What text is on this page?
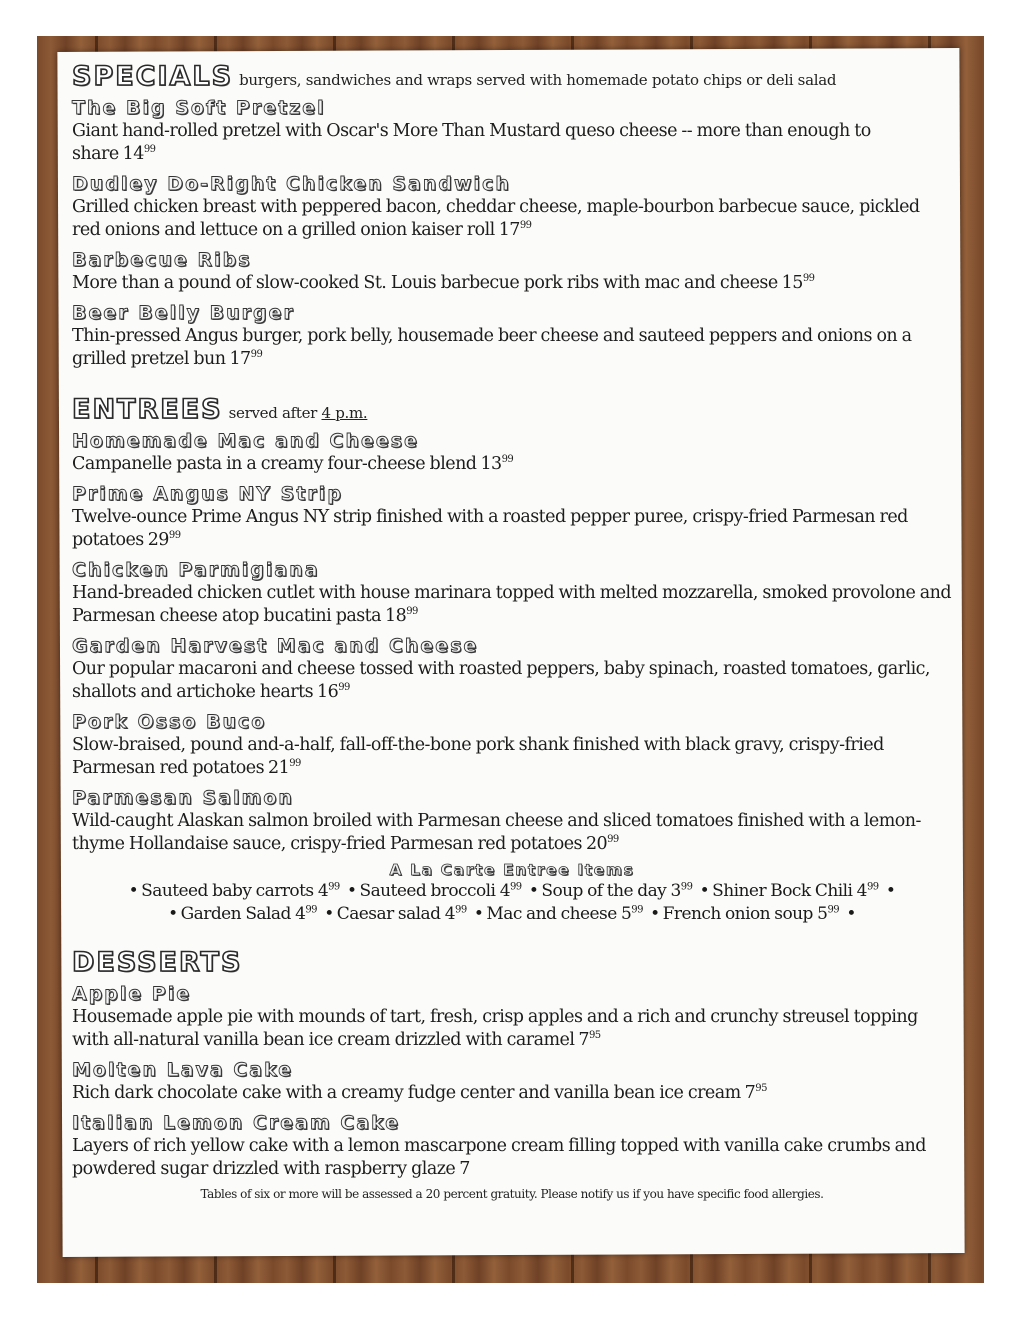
SPECIALS burgers, sandwiches and wraps served with homemade potato chips or deli salad
The Big Soft Pretzel
Giant hand-rolled pretzel with Oscar's More Than Mustard queso cheese -- more than enough to share $14^{99}$
Dudley Do-Right Chicken Sandwich
Grilled chicken breast with peppered bacon, cheddar cheese, maple-bourbon barbecue sauce, pickled red onions and lettuce on a grilled onion kaiser roll $17^{99}$
Barbecue Ribs
More than a pound of slow-cooked St. Louis barbecue pork ribs with mac and cheese $15^{99}$
Beer Belly Burger
Thin-pressed Angus burger, pork belly, housemade beer cheese and sauteed peppers and onions on a grilled pretzel bun $17^{99}$
ENTREES served after 4 p.m.
Homemade Mac and Cheese
Campanelle pasta in a creamy four-cheese blend $13^{99}$
Prime Angus NY Strip
Twelve-ounce Prime Angus NY strip finished with a roasted pepper puree, crispy-fried Parmesan red potatoes $29^{99}$
Chicken Parmigiana
Hand-breaded chicken cutlet with house marinara topped with melted mozzarella, smoked provolone and Parmesan cheese atop bucatini pasta $18^{99}$
Garden Harvest Mac and Cheese
Our popular macaroni and cheese tossed with roasted peppers, baby spinach, roasted tomatoes, garlic, shallots and artichoke hearts $16^{99}$
Pork Osso Buco
Slow-braised, pound and-a-half, fall-off-the-bone pork shank finished with black gravy, crispy-fried Parmesan red potatoes $21^{99}$
Parmesan Salmon
Wild-caught Alaskan salmon broiled with Parmesan cheese and sliced tomatoes finished with a lemon-thyme Hollandaise sauce, crispy-fried Parmesan red potatoes $20^{99}$
A La Carte Entree Items
• Sauteed baby carrots $4^{99}$ • Sauteed broccoli $4^{99}$ • Soup of the day $3^{99}$ • Shiner Bock Chili $4^{99}$ •
• Garden Salad $4^{99}$ • Caesar salad $4^{99}$ • Mac and cheese $5^{99}$ • French onion soup $5^{99}$ •
DESSERTS
Apple Pie
Housemade apple pie with mounds of tart, fresh, crisp apples and a rich and crunchy streusel topping with all-natural vanilla bean ice cream drizzled with caramel $7^{95}$
Molten Lava Cake
Rich dark chocolate cake with a creamy fudge center and vanilla bean ice cream $7^{95}$
Italian Lemon Cream Cake
Layers of rich yellow cake with a lemon mascarpone cream filling topped with vanilla cake crumbs and powdered sugar drizzled with raspberry glaze 7
Tables of six or more will be assessed a 20 percent gratuity. Please notify us if you have specific food allergies.
